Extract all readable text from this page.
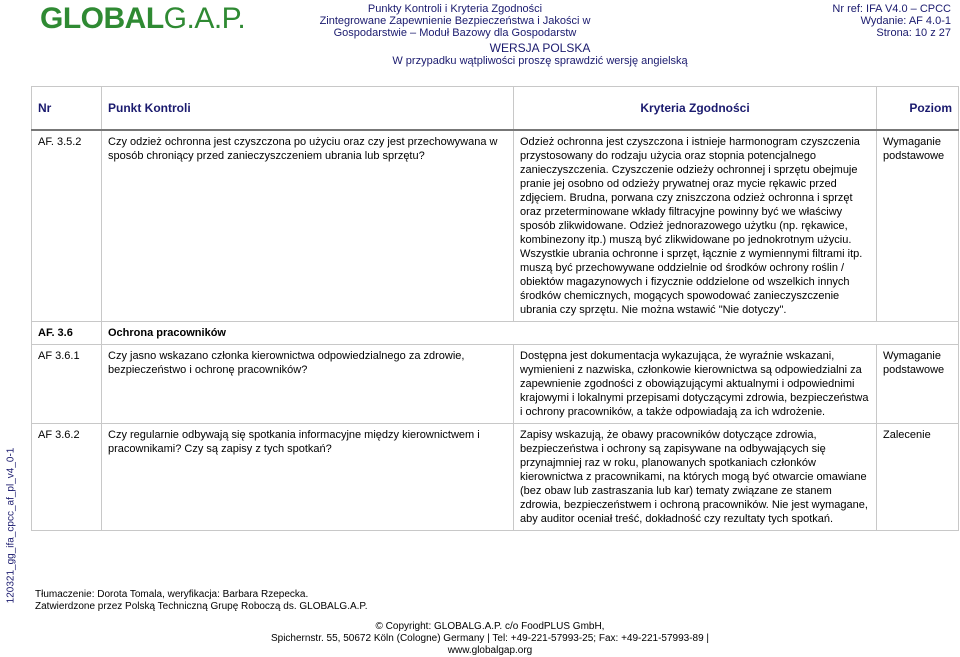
GLOBALG.A.P.	Punkty Kontroli i Kryteria Zgodności
Zintegrowane Zapewnienie Bezpieczeństwa i Jakości w Gospodarstwie – Moduł Bazowy dla Gospodarstw
Nr ref: IFA V4.0 – CPCC
Wydanie: AF 4.0-1
Strona: 10 z 27
WERSJA POLSKA
W przypadku wątpliwości proszę sprawdzić wersję angielską
120321_gg_ifa_cpcc_af_pl_v4_0-1
Nr	Punkt Kontroli	Kryteria Zgodności	Poziom
AF. 3.5.2	Czy odzież ochronna jest czyszczona po użyciu oraz czy jest przechowywana w sposób chroniący przed zanieczyszczeniem ubrania lub sprzętu?	Odzież ochronna jest czyszczona i istnieje harmonogram czyszczenia przystosowany do rodzaju użycia oraz stopnia potencjalnego zanieczyszczenia. Czyszczenie odzieży ochronnej i sprzętu obejmuje pranie jej osobno od odzieży prywatnej oraz mycie rękawic przed zdjęciem. Brudna, porwana czy zniszczona odzież ochronna i sprzęt oraz przeterminowane wkłady filtracyjne powinny być we właściwy sposób zlikwidowane. Odzież jednorazowego użytku (np. rękawice, kombinezony itp.) muszą być zlikwidowane po jednokrotnym użyciu. Wszystkie ubrania ochronne i sprzęt, łącznie z wymiennymi filtrami itp. muszą być przechowywane oddzielnie od środków ochrony roślin / obiektów magazynowych i fizycznie oddzielone od wszelkich innych środków chemicznych, mogących spowodować zanieczyszczenie ubrania czy sprzętu. Nie można wstawić "Nie dotyczy".	Wymaganie podstawowe
AF. 3.6	Ochrona pracowników		
AF 3.6.1	Czy jasno wskazano członka kierownictwa odpowiedzialnego za zdrowie, bezpieczeństwo i ochronę pracowników?	Dostępna jest dokumentacja wykazująca, że wyraźnie wskazani, wymienieni z nazwiska, członkowie kierownictwa są odpowiedzialni za zapewnienie zgodności z obowiązującymi aktualnymi i odpowiednimi krajowymi i lokalnymi przepisami dotyczącymi zdrowia, bezpieczeństwa i ochrony pracowników, a także odpowiadają za ich wdrożenie.	Wymaganie podstawowe
AF 3.6.2	Czy regularnie odbywają się spotkania informacyjne między kierownictwem i pracownikami? Czy są zapisy z tych spotkań?	Zapisy wskazują, że obawy pracowników dotyczące zdrowia, bezpieczeństwa i ochrony są zapisywane na odbywających się przynajmniej raz w roku, planowanych spotkaniach członków kierownictwa z pracownikami, na których mogą być otwarcie omawiane (bez obaw lub zastraszania lub kar) tematy związane ze stanem zdrowia, bezpieczeństwem i ochroną pracowników. Nie jest wymagane, aby auditor oceniał treść, dokładność czy rezultaty tych spotkań.	Zalecenie
Tłumaczenie: Dorota Tomala, weryfikacja: Barbara Rzepecka.
Zatwierdzone przez Polską Techniczną Grupę Roboczą ds. GLOBALG.A.P.
© Copyright: GLOBALG.A.P. c/o FoodPLUS GmbH,
Spichernstr. 55, 50672 Köln (Cologne) Germany | Tel: +49-221-57993-25; Fax: +49-221-57993-89 |
www.globalgap.org
